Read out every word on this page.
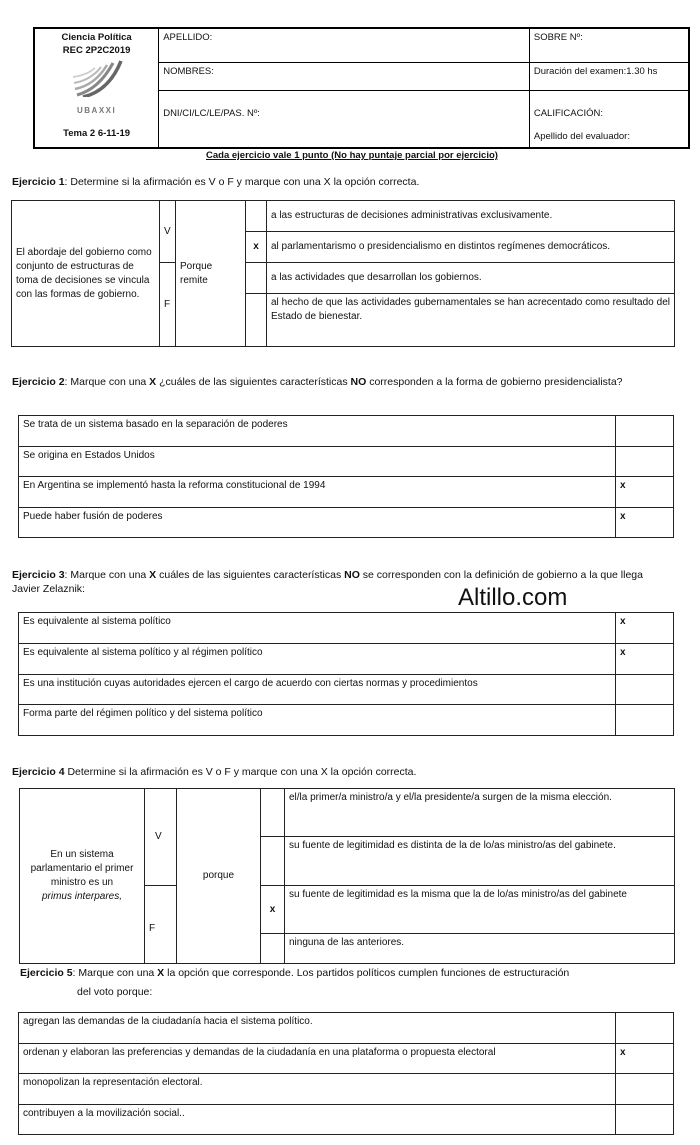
Ciencia Política
REC 2P2C2019
UBAXXI
Tema 2 6-11-19	APELLIDO:	SOBRE Nº:
	NOMBRES:	Duración del examen:1.30 hs
	DNI/CI/LC/LE/PAS. Nº:	CALIFICACIÓN:
Apellido del evaluador:
Cada ejercicio vale 1 punto (No hay puntaje parcial por ejercicio)
Ejercicio 1: Determine si la afirmación es V o F y marque con una X la opción correcta.
El abordaje del gobierno como conjunto de estructuras de toma de decisiones se vincula con las formas de gobierno.	V	Porque remite		a las estructuras de decisiones administrativas exclusivamente.
			x	al parlamentarismo o presidencialismo en distintos regímenes democráticos.
	F			a las actividades que desarrollan los gobiernos.
				al hecho de que las actividades gubernamentales se han acrecentado como resultado del Estado de bienestar.
Ejercicio 2: Marque con una X ¿cuáles de las siguientes características NO corresponden a la forma de gobierno presidencialista?
Se trata de un sistema basado en la separación de poderes	
Se origina en Estados Unidos	
En Argentina se implementó hasta la reforma constitucional de 1994	x
Puede haber fusión de poderes	x
Ejercicio 3: Marque con una X cuáles de las siguientes características NO se corresponden con la definición de gobierno a la que llega Javier Zelaznik:	Altillo.com
Es equivalente al sistema político	x
Es equivalente al sistema político y al régimen político	x
Es una institución cuyas autoridades ejercen el cargo de acuerdo con ciertas normas y procedimientos	
Forma parte del régimen político y del sistema político	
Ejercicio 4 Determine si la afirmación es V o F y marque con una X la opción correcta.
En un sistema parlamentario el primer ministro es un
primus interpares,	V	porque		el/la primer/a ministro/a y el/la presidente/a surgen de la misma elección.
				su fuente de legitimidad es distinta de la de lo/as ministro/as del gabinete.
	F		x	su fuente de legitimidad es la misma que la de lo/as ministro/as del gabinete
				ninguna de las anteriores.
Ejercicio 5: Marque con una X la opción que corresponde. Los partidos políticos cumplen funciones de estructuración
del voto porque:
agregan las demandas de la ciudadanía hacia el sistema político.	
ordenan y elaboran las preferencias y demandas de la ciudadanía en una plataforma o propuesta electoral	x
monopolizan la representación electoral.	
contribuyen a la movilización social..	
